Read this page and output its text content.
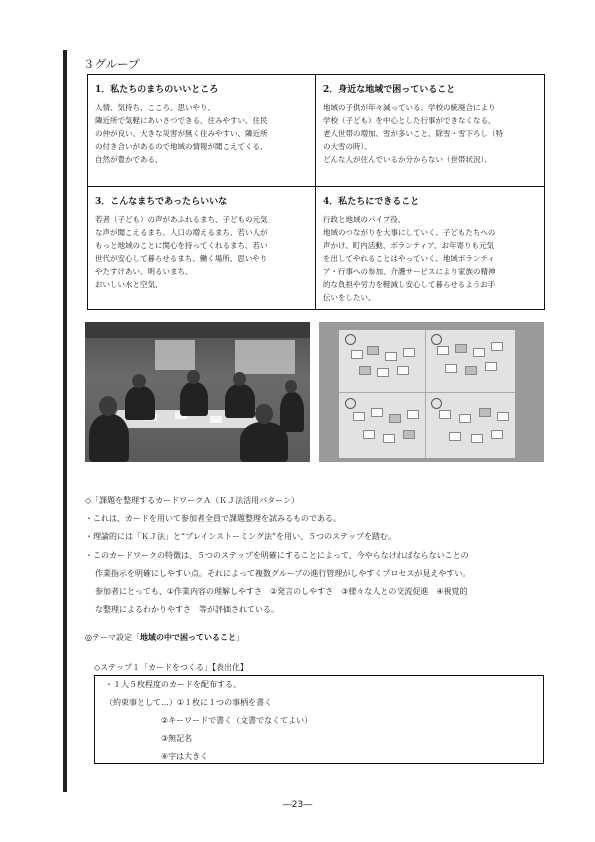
３グループ
1．私たちのまちのいいところ

人情、気持ち、こころ、思いやり、
隣近所で気軽にあいさつできる、住みやすい、住民
の仲が良い、大きな災害が無く住みやすい、隣近所
の付き合いがあるので地域の情報が聞こえてくる、
自然が豊かである、

2．身近な地域で困っていること

地域の子供が年々減っている、学校の統廃合により
学校（子ども）を中心とした行事ができなくなる、
老人世帯の増加、雪が多いこと、除雪・雪下ろし（特
の大雪の時）、
どんな人が住んでいるか分からない（世帯状況）、

3．こんなまちであったらいいな

若者（子ども）の声があふれるまち、子どもの元気
な声が聞こえるまち、人口の増えるまち、若い人が
もっと地域のことに関心を持ってくれるまち、若い
世代が安心して暮らせるまち、働く場所、思いやり
やたすけあい、明るいまち、
おいしい水と空気、

4．私たちにできること

行政と地域のパイプ役、
地域のつながりを大事にしていく、子どもたちへの
声かけ、町内活動、ボランティア、お年寄りも元気
を出してやれることはやっていく、地域ボランティ
ア・行事への参加、介護サービスにより家族の精神
的な負担や労力を軽減し安心して暮らせるようお手
伝いをしたい、

◇「課題を整理するカードワークＡ（ＫＪ法活用パターン）
・これは、カードを用いて参加者全員で課題整理を試みるものである。
・理論的には「ＫＪ法」と“プレインストーミング法”を用い、５つのステップを踏む。
・このカードワークの特徴は、５つのステップを明確にすることによって、今やらなければならないことの
作業指示を明確にしやすい点。それによって複数グループの進行管理がしやすくプロセスが見えやすい。
参加者にとっても、①作業内容の理解しやすさ　②発言のしやすさ　③様々な人との交流促進　④視覚的
な整理によるわかりやすさ　等が評価されている。
◎テーマ設定「地域の中で困っていること」
◇ステップ１「カードをつくる」【表出化】
・１人５枚程度のカードを配布する。
（約束事として…）①１枚に１つの事柄を書く
②キーワードで書く（文書でなくてよい）
③無記名
④字は大きく
―23―
